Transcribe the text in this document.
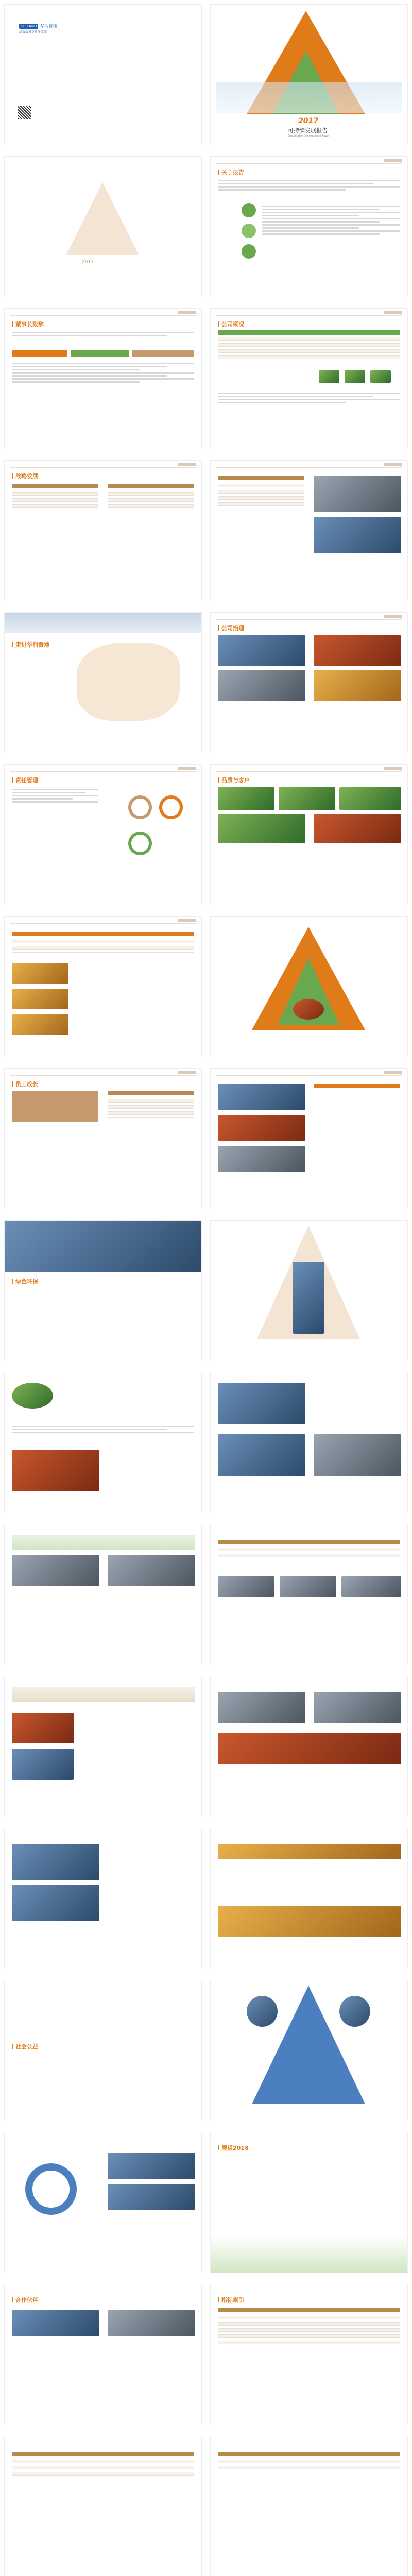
CR LAND 华润置地
品质给城市更多改变
2017
可持续发展报告
Sustainable Development Report
2017
关于报告
董事长致辞	公司概况
战略发展
走进华润置地
公司治理
责任管理	品质与客户
员工成长
绿色环保
社会公益
展望2018
合作伙伴	指标索引
